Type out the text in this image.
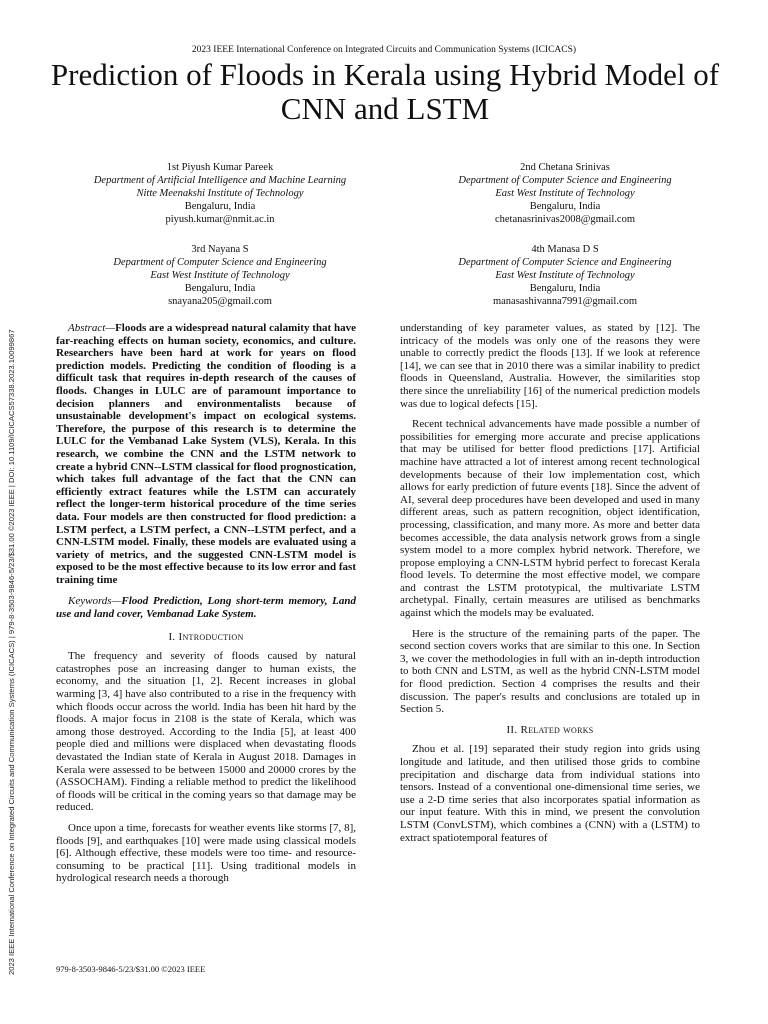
2023 IEEE International Conference on Integrated Circuits and Communication Systems (ICICACS)
Prediction of Floods in Kerala using Hybrid Model of CNN and LSTM
2023 IEEE International Conference on Integrated Circuits and Communication Systems (ICICACS) | 979-8-3503-9846-5/23/$31.00 ©2023 IEEE | DOI: 10.1109/ICICACS57338.2023.10099867
1st Piyush Kumar Pareek
Department of Artificial Intelligence and Machine Learning
Nitte Meenakshi Institute of Technology
Bengaluru, India
piyush.kumar@nmit.ac.in
2nd Chetana Srinivas
Department of Computer Science and Engineering
East West Institute of Technology
Bengaluru, India
chetanasrinivas2008@gmail.com
3rd Nayana S
Department of Computer Science and Engineering
East West Institute of Technology
Bengaluru, India
snayana205@gmail.com
4th Manasa D S
Department of Computer Science and Engineering
East West Institute of Technology
Bengaluru, India
manasashivanna7991@gmail.com

Abstract—Floods are a widespread natural calamity that have far-reaching effects on human society, economics, and culture. Researchers have been hard at work for years on flood prediction models. Predicting the condition of flooding is a difficult task that requires in-depth research of the causes of floods. Changes in LULC are of paramount importance to decision planners and environmentalists because of unsustainable development's impact on ecological systems. Therefore, the purpose of this research is to determine the LULC for the Vembanad Lake System (VLS), Kerala. In this research, we combine the CNN and the LSTM network to create a hybrid CNN--LSTM classical for flood prognostication, which takes full advantage of the fact that the CNN can efficiently extract features while the LSTM can accurately reflect the longer-term historical procedure of the time series data. Four models are then constructed for flood prediction: a LSTM perfect, a LSTM perfect, a CNN--LSTM perfect, and a CNN-LSTM model. Finally, these models are evaluated using a variety of metrics, and the suggested CNN-LSTM model is exposed to be the most effective because to its low error and fast training time

Keywords—Flood Prediction, Long short-term memory, Land use and land cover, Vembanad Lake System.

I. Introduction

The frequency and severity of floods caused by natural catastrophes pose an increasing danger to human exists, the economy, and the situation [1, 2]. Recent increases in global warming [3, 4] have also contributed to a rise in the frequency with which floods occur across the world. India has been hit hard by the floods. A major focus in 2108 is the state of Kerala, which was among those destroyed. According to the India [5], at least 400 people died and millions were displaced when devastating floods devastated the Indian state of Kerala in August 2018. Damages in Kerala were assessed to be between 15000 and 20000 crores by the (ASSOCHAM). Finding a reliable method to predict the likelihood of floods will be critical in the coming years so that damage may be reduced.

Once upon a time, forecasts for weather events like storms [7, 8], floods [9], and earthquakes [10] were made using classical models [6]. Although effective, these models were too time- and resource-consuming to be practical [11]. Using traditional models in hydrological research needs a thorough

understanding of key parameter values, as stated by [12]. The intricacy of the models was only one of the reasons they were unable to correctly predict the floods [13]. If we look at reference [14], we can see that in 2010 there was a similar inability to predict floods in Queensland, Australia. However, the similarities stop there since the unreliability [16] of the numerical prediction models was due to logical defects [15].

Recent technical advancements have made possible a number of possibilities for emerging more accurate and precise applications that may be utilised for better flood predictions [17]. Artificial machine have attracted a lot of interest among recent technological developments because of their low implementation cost, which allows for early prediction of future events [18]. Since the advent of AI, several deep procedures have been developed and used in many different areas, such as pattern recognition, object identification, processing, classification, and many more. As more and better data becomes accessible, the data analysis network grows from a single system model to a more complex hybrid network. Therefore, we propose employing a CNN-LSTM hybrid perfect to forecast Kerala flood levels. To determine the most effective model, we compare and contrast the LSTM prototypical, the multivariate LSTM archetypal. Finally, certain measures are utilised as benchmarks against which the models may be evaluated.

Here is the structure of the remaining parts of the paper. The second section covers works that are similar to this one. In Section 3, we cover the methodologies in full with an in-depth introduction to both CNN and LSTM, as well as the hybrid CNN-LSTM model for flood prediction. Section 4 comprises the results and their discussion. The paper's results and conclusions are totaled up in Section 5.

II. Related works

Zhou et al. [19] separated their study region into grids using longitude and latitude, and then utilised those grids to combine precipitation and discharge data from individual stations into tensors. Instead of a conventional one-dimensional time series, we use a 2-D time series that also incorporates spatial information as our input feature. With this in mind, we present the convolution LSTM (ConvLSTM), which combines a (CNN) with a (LSTM) to extract spatiotemporal features of

979-8-3503-9846-5/23/$31.00 ©2023 IEEE
